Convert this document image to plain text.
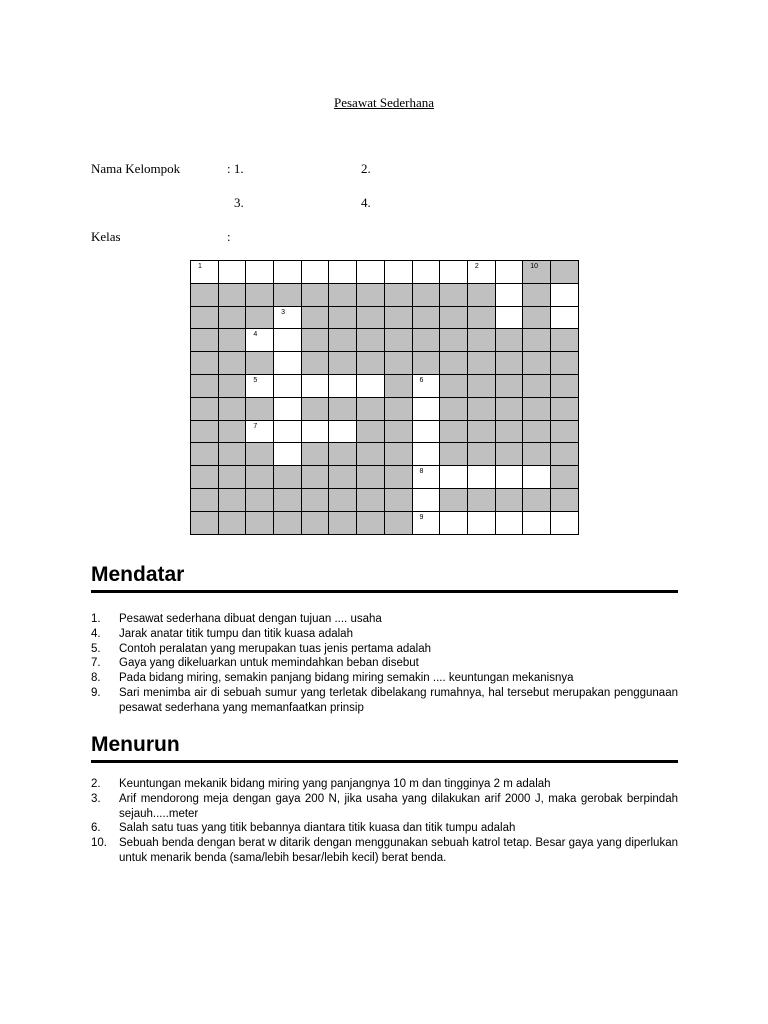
Pesawat Sederhana
Nama Kelompok	: 1.	2.
3.	4.
Kelas	:
1	2	10
3
4
5	6
7
8
9
Mendatar
1.	Pesawat sederhana dibuat dengan tujuan .... usaha
4.	Jarak anatar titik tumpu dan titik kuasa adalah
5.	Contoh peralatan yang merupakan tuas jenis pertama adalah
7.	Gaya yang dikeluarkan untuk memindahkan beban disebut
8.	Pada bidang miring, semakin panjang bidang miring semakin .... keuntungan mekanisnya
9.	Sari menimba air di sebuah sumur yang terletak dibelakang rumahnya, hal tersebut merupakan penggunaan pesawat sederhana yang memanfaatkan prinsip
Menurun
2.	Keuntungan mekanik bidang miring yang panjangnya 10 m dan tingginya 2 m adalah
3.	Arif mendorong meja dengan gaya 200 N, jika usaha yang dilakukan arif 2000 J, maka gerobak berpindah sejauh.....meter
6.	Salah satu tuas yang titik bebannya diantara titik kuasa dan titik tumpu adalah
10.	Sebuah benda dengan berat w ditarik dengan menggunakan sebuah katrol tetap. Besar gaya yang diperlukan untuk menarik benda (sama/lebih besar/lebih kecil) berat benda.
